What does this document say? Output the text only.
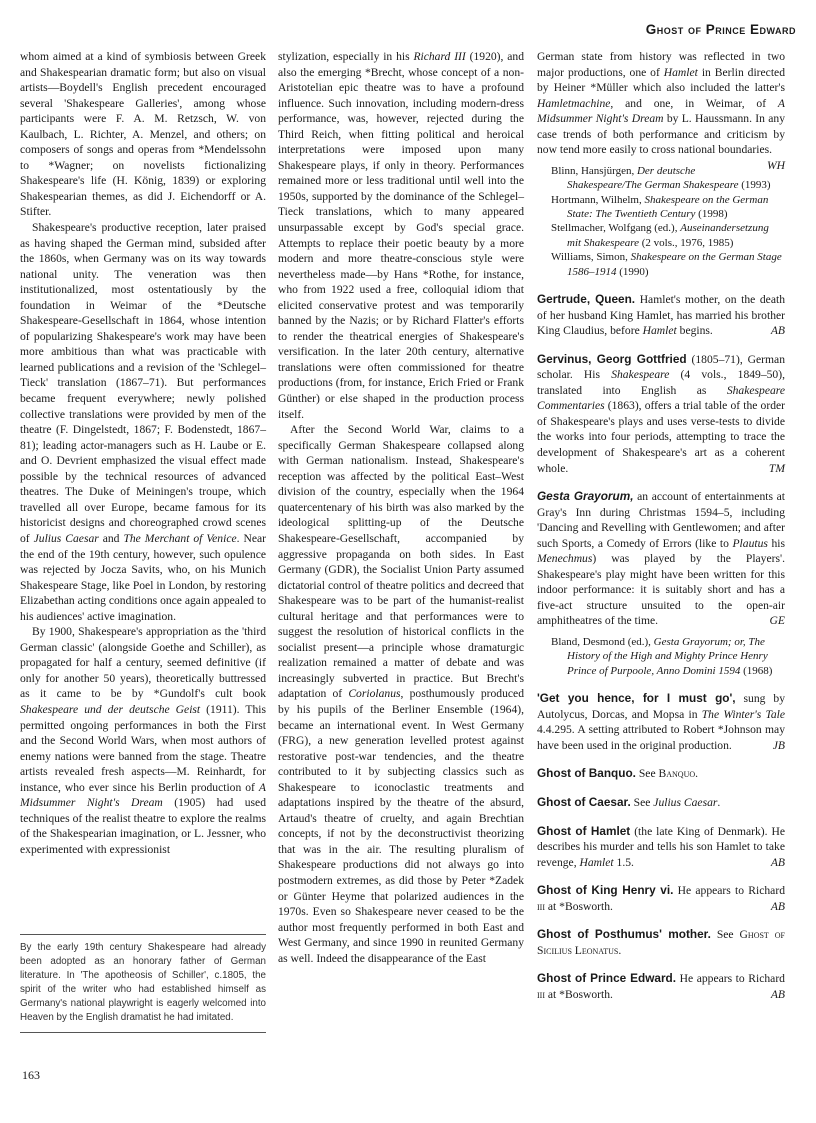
Ghost of Prince Edward

whom aimed at a kind of symbiosis between Greek and Shakespearian dramatic form; but also on visual artists—Boydell's English precedent encouraged several 'Shakespeare Galleries', among whose participants were F. A. M. Retzsch, W. von Kaulbach, L. Richter, A. Menzel, and others; on composers of songs and operas from *Mendelssohn to *Wagner; on novelists fictionalizing Shakespeare's life (H. König, 1839) or exploring Shakespearian themes, as did J. Eichendorff or A. Stifter.

Shakespeare's productive reception, later praised as having shaped the German mind, subsided after the 1860s, when Germany was on its way towards national unity. The veneration was then institutionalized, most ostentatiously by the foundation in Weimar of the *Deutsche Shakespeare-Gesellschaft in 1864, whose intention of popularizing Shakespeare's work may have been more ambitious than what was practicable with learned publications and a revision of the 'Schlegel–Tieck' translation (1867–71). But performances became frequent everywhere; newly polished collective translations were provided by men of the theatre (F. Dingelstedt, 1867; F. Bodenstedt, 1867–81); leading actor-managers such as H. Laube or E. and O. Devrient emphasized the visual effect made possible by the technical resources of advanced theatres. The Duke of Meiningen's troupe, which travelled all over Europe, became famous for its historicist designs and choreographed crowd scenes of Julius Caesar and The Merchant of Venice. Near the end of the 19th century, however, such opulence was rejected by Jocza Savits, who, on his Munich Shakespeare Stage, like Poel in London, by restoring Elizabethan acting conditions once again appealed to his audiences' active imagination.

By 1900, Shakespeare's appropriation as the 'third German classic' (alongside Goethe and Schiller), as propagated for half a century, seemed definitive (if only for another 50 years), theoretically buttressed as it came to be by *Gundolf's cult book Shakespeare und der deutsche Geist (1911). This permitted ongoing performances in both the First and the Second World Wars, when most authors of enemy nations were banned from the stage. Theatre artists revealed fresh aspects—M. Reinhardt, for instance, who ever since his Berlin production of A Midsummer Night's Dream (1905) had used techniques of the realist theatre to explore the realms of the Shakespearian imagination, or L. Jessner, who experimented with expressionist

By the early 19th century Shakespeare had already been adopted as an honorary father of German literature. In 'The apotheosis of Schiller', c.1805, the spirit of the writer who had established himself as Germany's national playwright is eagerly welcomed into Heaven by the English dramatist he had imitated.

stylization, especially in his Richard III (1920), and also the emerging *Brecht, whose concept of a non-Aristotelian epic theatre was to have a profound influence. Such innovation, including modern-dress performance, was, however, rejected during the Third Reich, when fitting political and heroical interpretations were imposed upon many Shakespeare plays, if only in theory. Performances remained more or less traditional until well into the 1950s, supported by the dominance of the Schlegel–Tieck translations, which to many appeared unsurpassable except by God's special grace. Attempts to replace their poetic beauty by a more modern and more theatre-conscious style were nevertheless made—by Hans *Rothe, for instance, who from 1922 used a free, colloquial idiom that elicited conservative protest and was temporarily banned by the Nazis; or by Richard Flatter's efforts to render the theatrical energies of Shakespeare's versification. In the later 20th century, alternative translations were often commissioned for theatre productions (from, for instance, Erich Fried or Frank Günther) or else shaped in the production process itself.

After the Second World War, claims to a specifically German Shakespeare collapsed along with German nationalism. Instead, Shakespeare's reception was affected by the political East–West division of the country, especially when the 1964 quatercentenary of his birth was also marked by the ideological splitting-up of the Deutsche Shakespeare-Gesellschaft, accompanied by aggressive propaganda on both sides. In East Germany (GDR), the Socialist Union Party assumed dictatorial control of theatre politics and decreed that Shakespeare was to be part of the humanist-realist cultural heritage and that performances were to suggest the resolution of historical conflicts in the socialist present—a principle whose dramaturgic realization remained a matter of debate and was increasingly subverted in practice. But Brecht's adaptation of Coriolanus, posthumously produced by his pupils of the Berliner Ensemble (1964), became an international event. In West Germany (FRG), a new generation levelled protest against restorative post-war tendencies, and the theatre contributed to it by subjecting classics such as Shakespeare to iconoclastic treatments and adaptations inspired by the theatre of the absurd, Artaud's theatre of cruelty, and again Brechtian concepts, if not by the deconstructivist theorizing that was in the air. The resulting pluralism of Shakespeare productions did not always go into postmodern extremes, as did those by Peter *Zadek or Günter Heyme that polarized audiences in the 1970s. Even so Shakespeare never ceased to be the author most frequently performed in both East and West Germany, and since 1990 in reunited Germany as well. Indeed the disappearance of the East

German state from history was reflected in two major productions, one of Hamlet in Berlin directed by Heiner *Müller which also included the latter's Hamletmachine, and one, in Weimar, of A Midsummer Night's Dream by L. Haussmann. In any case trends of both performance and criticism by now tend more easily to cross national boundaries.
WH

Blinn, Hansjürgen, Der deutsche Shakespeare/The German Shakespeare (1993)

Hortmann, Wilhelm, Shakespeare on the German State: The Twentieth Century (1998)

Stellmacher, Wolfgang (ed.), Auseinandersetzung mit Shakespeare (2 vols., 1976, 1985)

Williams, Simon, Shakespeare on the German Stage 1586–1914 (1990)

Gertrude, Queen. Hamlet's mother, on the death of her husband King Hamlet, has married his brother King Claudius, before Hamlet begins.	AB

Gervinus, Georg Gottfried (1805–71), German scholar. His Shakespeare (4 vols., 1849–50), translated into English as Shakespeare Commentaries (1863), offers a trial table of the order of Shakespeare's plays and uses verse-tests to divide the works into four periods, attempting to trace the development of Shakespeare's art as a coherent whole.	TM

Gesta Grayorum, an account of entertainments at Gray's Inn during Christmas 1594–5, including 'Dancing and Revelling with Gentlewomen; and after such Sports, a Comedy of Errors (like to Plautus his Menechmus) was played by the Players'. Shakespeare's play might have been written for this indoor performance: it is suitably short and has a five-act structure unsuited to the open-air amphitheatres of the time.	GE

Bland, Desmond (ed.), Gesta Grayorum; or, The History of the High and Mighty Prince Henry Prince of Purpoole, Anno Domini 1594 (1968)

'Get you hence, for I must go', sung by Autolycus, Dorcas, and Mopsa in The Winter's Tale 4.4.295. A setting attributed to Robert *Johnson may have been used in the original production.	JB

Ghost of Banquo. See Banquo.

Ghost of Caesar. See Julius Caesar.

Ghost of Hamlet (the late King of Denmark). He describes his murder and tells his son Hamlet to take revenge, Hamlet 1.5.	AB

Ghost of King Henry vi. He appears to Richard iii at *Bosworth.	AB

Ghost of Posthumus' mother. See Ghost of Sicilius Leonatus.

Ghost of Prince Edward. He appears to Richard iii at *Bosworth.	AB

163
